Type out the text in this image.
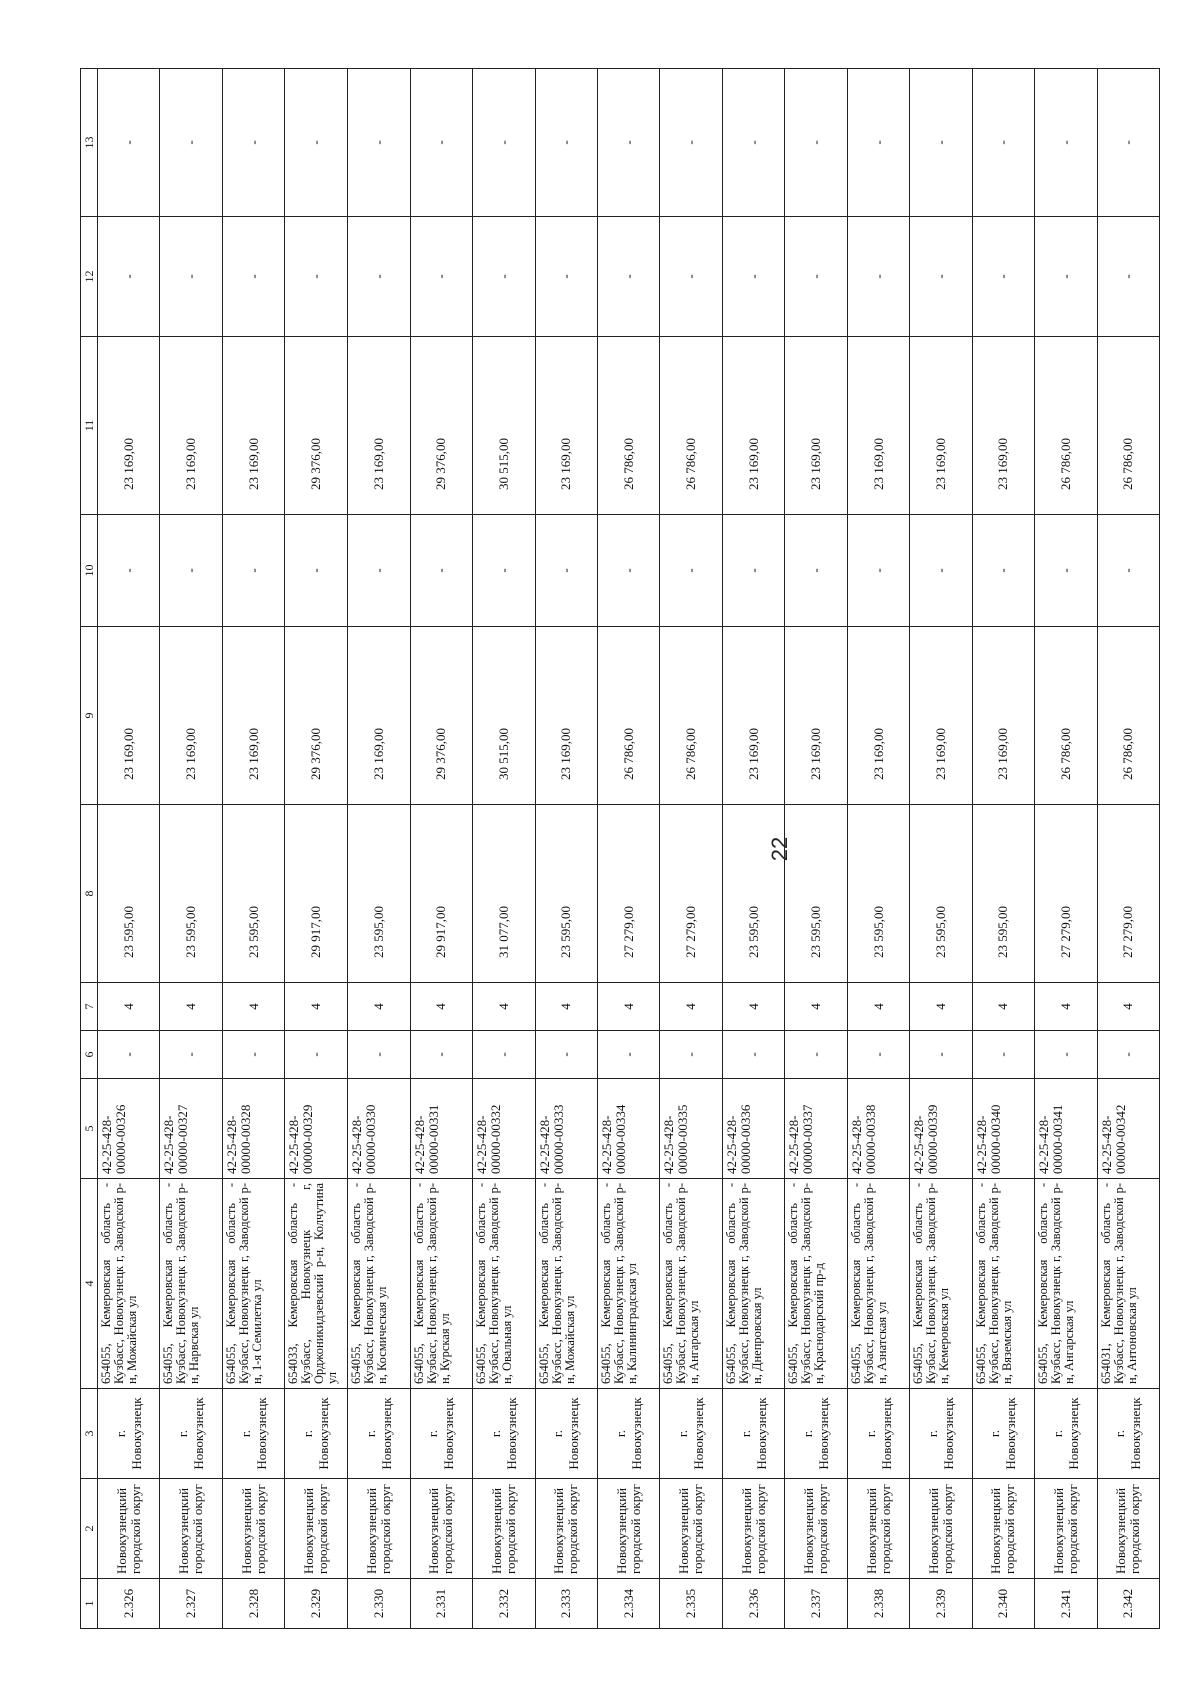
22
1	2	3	4	5	6	7	8	9	10	11	12	13
2.326	Новокузнецкий городской округ	г. Новокузнецк	654055, Кемеровская область - Кузбасс, Новокузнецк г, Заводской р-н, Можайская ул	42-25-428-00000-00326	-	4	23 595,00	23 169,00	-	23 169,00	-	-
2.327	Новокузнецкий городской округ	г. Новокузнецк	654055, Кемеровская область - Кузбасс, Новокузнецк г, Заводской р-н, Нарвская ул	42-25-428-00000-00327	-	4	23 595,00	23 169,00	-	23 169,00	-	-
2.328	Новокузнецкий городской округ	г. Новокузнецк	654055, Кемеровская область - Кузбасс, Новокузнецк г, Заводской р-н, 1-я Семилетка ул	42-25-428-00000-00328	-	4	23 595,00	23 169,00	-	23 169,00	-	-
2.329	Новокузнецкий городской округ	г. Новокузнецк	654033, Кемеровская область - Кузбасс, Новокузнецк г, Орджоникидзевский р-н, Колчутина ул	42-25-428-00000-00329	-	4	29 917,00	29 376,00	-	29 376,00	-	-
2.330	Новокузнецкий городской округ	г. Новокузнецк	654055, Кемеровская область - Кузбасс, Новокузнецк г, Заводской р-н, Космическая ул	42-25-428-00000-00330	-	4	23 595,00	23 169,00	-	23 169,00	-	-
2.331	Новокузнецкий городской округ	г. Новокузнецк	654055, Кемеровская область - Кузбасс, Новокузнецк г, Заводской р-н, Курская ул	42-25-428-00000-00331	-	4	29 917,00	29 376,00	-	29 376,00	-	-
2.332	Новокузнецкий городской округ	г. Новокузнецк	654055, Кемеровская область - Кузбасс, Новокузнецк г, Заводской р-н, Овальная ул	42-25-428-00000-00332	-	4	31 077,00	30 515,00	-	30 515,00	-	-
2.333	Новокузнецкий городской округ	г. Новокузнецк	654055, Кемеровская область - Кузбасс, Новокузнецк г, Заводской р-н, Можайская ул	42-25-428-00000-00333	-	4	23 595,00	23 169,00	-	23 169,00	-	-
2.334	Новокузнецкий городской округ	г. Новокузнецк	654055, Кемеровская область - Кузбасс, Новокузнецк г, Заводской р-н, Калининградская ул	42-25-428-00000-00334	-	4	27 279,00	26 786,00	-	26 786,00	-	-
2.335	Новокузнецкий городской округ	г. Новокузнецк	654055, Кемеровская область - Кузбасс, Новокузнецк г, Заводской р-н, Ангарская ул	42-25-428-00000-00335	-	4	27 279,00	26 786,00	-	26 786,00	-	-
2.336	Новокузнецкий городской округ	г. Новокузнецк	654055, Кемеровская область - Кузбасс, Новокузнецк г, Заводской р-н, Днепровская ул	42-25-428-00000-00336	-	4	23 595,00	23 169,00	-	23 169,00	-	-
2.337	Новокузнецкий городской округ	г. Новокузнецк	654055, Кемеровская область - Кузбасс, Новокузнецк г, Заводской р-н, Краснодарский пр-д	42-25-428-00000-00337	-	4	23 595,00	23 169,00	-	23 169,00	-	-
2.338	Новокузнецкий городской округ	г. Новокузнецк	654055, Кемеровская область - Кузбасс, Новокузнецк г, Заводской р-н, Азнатская ул	42-25-428-00000-00338	-	4	23 595,00	23 169,00	-	23 169,00	-	-
2.339	Новокузнецкий городской округ	г. Новокузнецк	654055, Кемеровская область - Кузбасс, Новокузнецк г, Заводской р-н, Кемеровская ул	42-25-428-00000-00339	-	4	23 595,00	23 169,00	-	23 169,00	-	-
2.340	Новокузнецкий городской округ	г. Новокузнецк	654055, Кемеровская область - Кузбасс, Новокузнецк г, Заводской р-н, Вяземская ул	42-25-428-00000-00340	-	4	23 595,00	23 169,00	-	23 169,00	-	-
2.341	Новокузнецкий городской округ	г. Новокузнецк	654055, Кемеровская область - Кузбасс, Новокузнецк г, Заводской р-н, Ангарская ул	42-25-428-00000-00341	-	4	27 279,00	26 786,00	-	26 786,00	-	-
2.342	Новокузнецкий городской округ	г. Новокузнецк	654031, Кемеровская область - Кузбасс, Новокузнецк г, Заводской р-н, Антоновская ул	42-25-428-00000-00342	-	4	27 279,00	26 786,00	-	26 786,00	-	-
